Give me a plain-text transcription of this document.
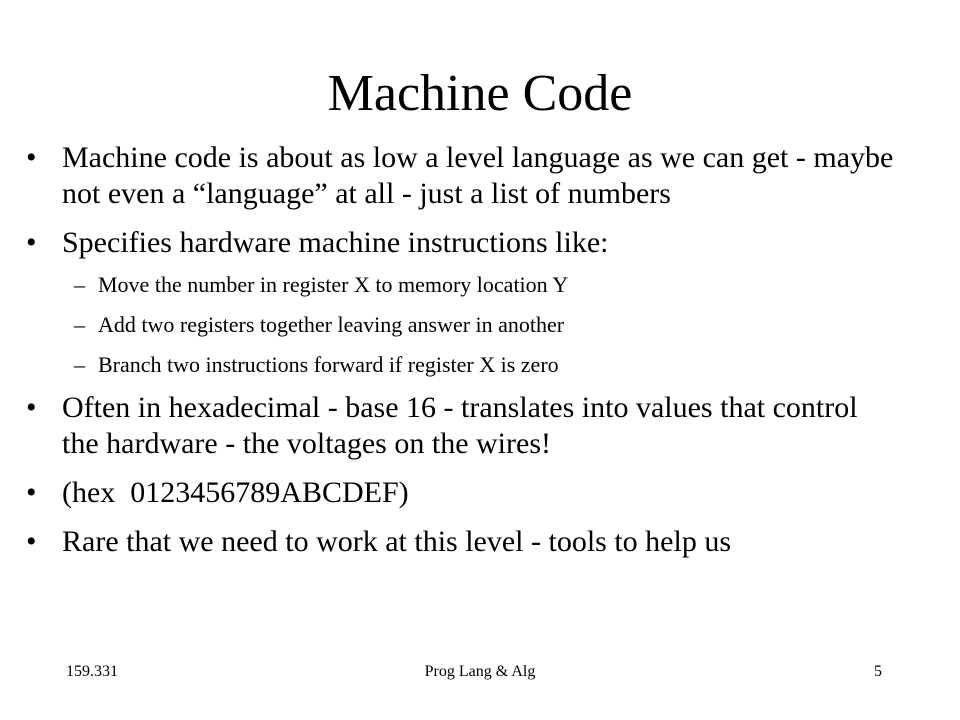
Machine Code
• Machine code is about as low a level language as we can get - maybe not even a “language” at all - just a list of numbers
• Specifies hardware machine instructions like:
– Move the number in register X to memory location Y
– Add two registers together leaving answer in another
– Branch two instructions forward if register X is zero
• Often in hexadecimal - base 16 - translates into values that control the hardware - the voltages on the wires!
• (hex  0123456789ABCDEF)
• Rare that we need to work at this level - tools to help us
159.331	Prog Lang & Alg	5
